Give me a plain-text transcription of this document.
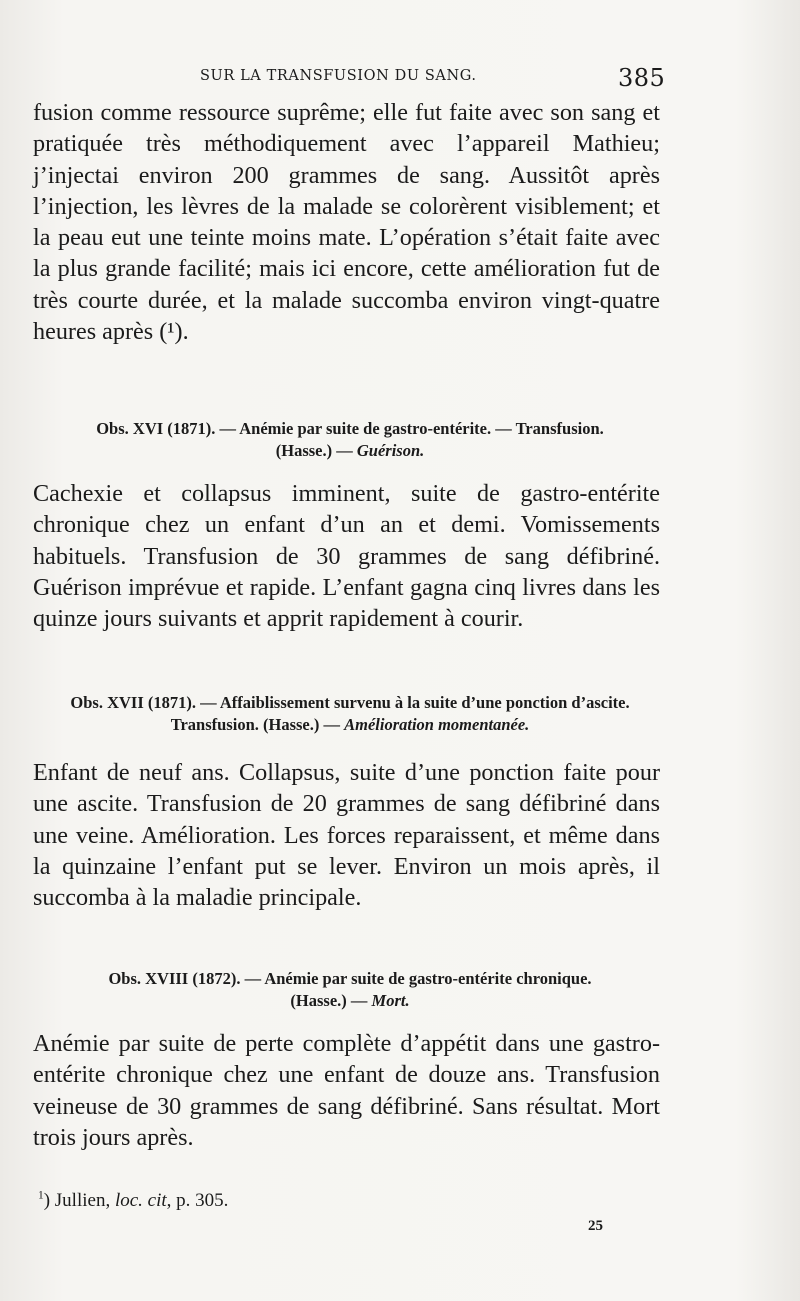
SUR LA TRANSFUSION DU SANG.	385

fusion comme ressource suprême; elle fut faite avec son sang et pratiquée très méthodiquement avec l’appareil Mathieu; j’injectai environ 200 grammes de sang. Aussitôt après l’injection, les lèvres de la malade se colorèrent visiblement; et la peau eut une teinte moins mate. L’opération s’était faite avec la plus grande facilité; mais ici encore, cette amélioration fut de très courte durée, et la malade succomba environ vingt-quatre heures après (¹).

Obs. XVI (1871). — Anémie par suite de gastro-entérite. — Transfusion.
(Hasse.) — Guérison.

Cachexie et collapsus imminent, suite de gastro-entérite chronique chez un enfant d’un an et demi. Vomissements habituels. Transfusion de 30 grammes de sang défibriné. Guérison imprévue et rapide. L’enfant gagna cinq livres dans les quinze jours suivants et apprit rapidement à courir.

Obs. XVII (1871). — Affaiblissement survenu à la suite d’une ponction d’ascite.
Transfusion. (Hasse.) — Amélioration momentanée.

Enfant de neuf ans. Collapsus, suite d’une ponction faite pour une ascite. Transfusion de 20 grammes de sang défibriné dans une veine. Amélioration. Les forces reparaissent, et même dans la quinzaine l’enfant put se lever. Environ un mois après, il succomba à la maladie principale.

Obs. XVIII (1872). — Anémie par suite de gastro-entérite chronique.
(Hasse.) — Mort.

Anémie par suite de perte complète d’appétit dans une gastro-entérite chronique chez une enfant de douze ans. Transfusion veineuse de 30 grammes de sang défibriné. Sans résultat. Mort trois jours après.

$^1$) Jullien, loc. cit, p. 305.
25
